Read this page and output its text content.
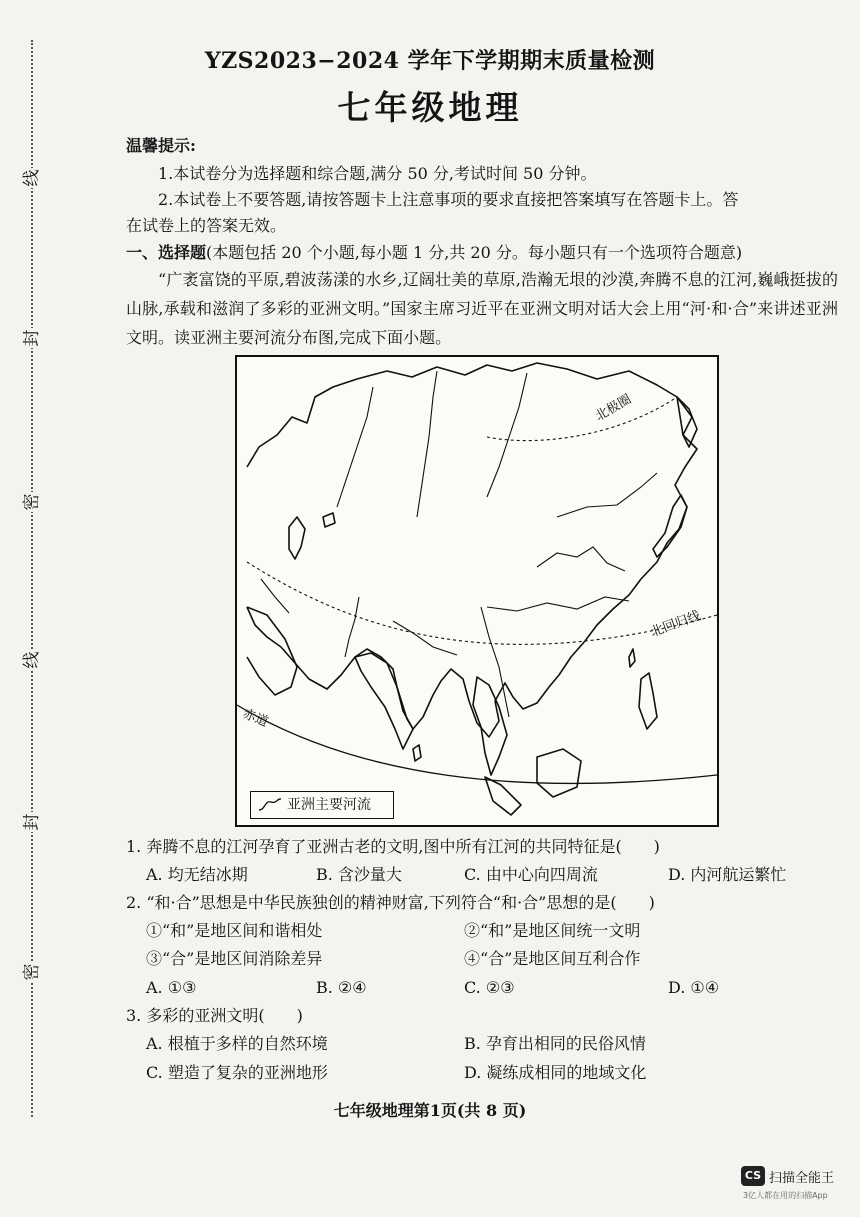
线
封
密
线
封
密
YZS2023−2024 学年下学期期末质量检测
七年级地理
温馨提示:
1.本试卷分为选择题和综合题,满分 50 分,考试时间 50 分钟。
2.本试卷上不要答题,请按答题卡上注意事项的要求直接把答案填写在答题卡上。答
在试卷上的答案无效。
一、选择题(本题包括 20 个小题,每小题 1 分,共 20 分。每小题只有一个选项符合题意)
“广袤富饶的平原,碧波荡漾的水乡,辽阔壮美的草原,浩瀚无垠的沙漠,奔腾不息的江河,巍峨挺拔的山脉,承载和滋润了多彩的亚洲文明。”国家主席习近平在亚洲文明对话大会上用“河·和·合”来讲述亚洲文明。读亚洲主要河流分布图,完成下面小题。
北极圈
北回归线
赤道
亚洲主要河流
1. 奔腾不息的江河孕育了亚洲古老的文明,图中所有江河的共同特征是(　　)
A. 均无结冰期	B. 含沙量大	C. 由中心向四周流	D. 内河航运繁忙
2. “和·合”思想是中华民族独创的精神财富,下列符合“和·合”思想的是(　　)
①“和”是地区间和谐相处	②“和”是地区间统一文明
③“合”是地区间消除差异	④“合”是地区间互利合作
A. ①③	B. ②④	C. ②③	D. ①④
3. 多彩的亚洲文明(　　)
A. 根植于多样的自然环境	B. 孕育出相同的民俗风情
C. 塑造了复杂的亚洲地形	D. 凝练成相同的地域文化
七年级地理第1页(共 8 页)
CS 扫描全能王
3亿人都在用的扫描App
